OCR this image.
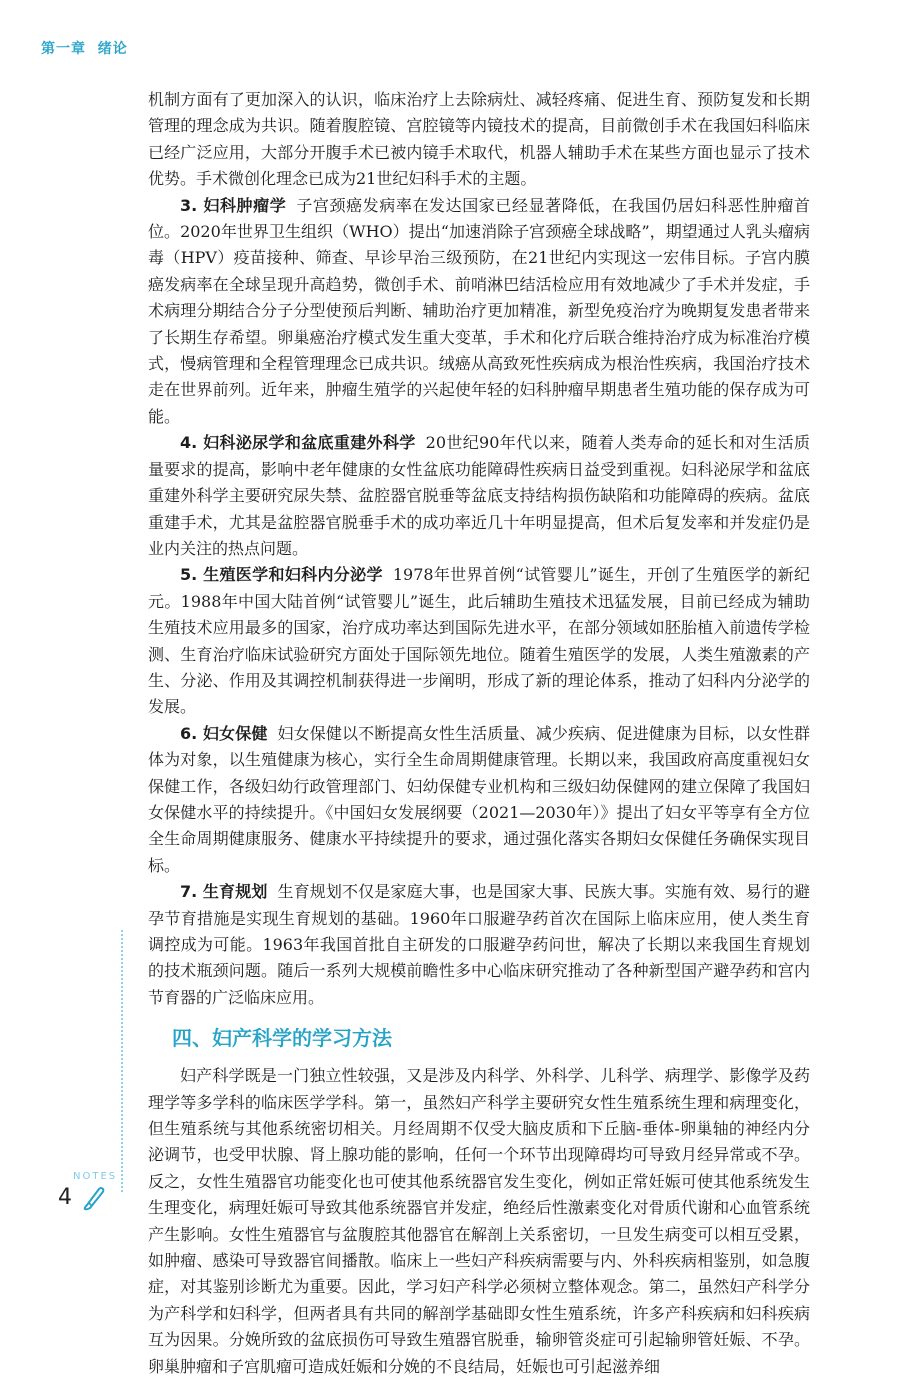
第一章 绪论

机制方面有了更加深入的认识，临床治疗上去除病灶、减轻疼痛、促进生育、预防复发和长期管理的理念成为共识。随着腹腔镜、宫腔镜等内镜技术的提高，目前微创手术在我国妇科临床已经广泛应用，大部分开腹手术已被内镜手术取代，机器人辅助手术在某些方面也显示了技术优势。手术微创化理念已成为21世纪妇科手术的主题。

3. 妇科肿瘤学 子宫颈癌发病率在发达国家已经显著降低，在我国仍居妇科恶性肿瘤首位。2020年世界卫生组织（WHO）提出“加速消除子宫颈癌全球战略”，期望通过人乳头瘤病毒（HPV）疫苗接种、筛查、早诊早治三级预防，在21世纪内实现这一宏伟目标。子宫内膜癌发病率在全球呈现升高趋势，微创手术、前哨淋巴结活检应用有效地减少了手术并发症，手术病理分期结合分子分型使预后判断、辅助治疗更加精准，新型免疫治疗为晚期复发患者带来了长期生存希望。卵巢癌治疗模式发生重大变革，手术和化疗后联合维持治疗成为标准治疗模式，慢病管理和全程管理理念已成共识。绒癌从高致死性疾病成为根治性疾病，我国治疗技术走在世界前列。近年来，肿瘤生殖学的兴起使年轻的妇科肿瘤早期患者生殖功能的保存成为可能。

4. 妇科泌尿学和盆底重建外科学 20世纪90年代以来，随着人类寿命的延长和对生活质量要求的提高，影响中老年健康的女性盆底功能障碍性疾病日益受到重视。妇科泌尿学和盆底重建外科学主要研究尿失禁、盆腔器官脱垂等盆底支持结构损伤缺陷和功能障碍的疾病。盆底重建手术，尤其是盆腔器官脱垂手术的成功率近几十年明显提高，但术后复发率和并发症仍是业内关注的热点问题。

5. 生殖医学和妇科内分泌学 1978年世界首例“试管婴儿”诞生，开创了生殖医学的新纪元。1988年中国大陆首例“试管婴儿”诞生，此后辅助生殖技术迅猛发展，目前已经成为辅助生殖技术应用最多的国家，治疗成功率达到国际先进水平，在部分领域如胚胎植入前遗传学检测、生育治疗临床试验研究方面处于国际领先地位。随着生殖医学的发展，人类生殖激素的产生、分泌、作用及其调控机制获得进一步阐明，形成了新的理论体系，推动了妇科内分泌学的发展。

6. 妇女保健 妇女保健以不断提高女性生活质量、减少疾病、促进健康为目标，以女性群体为对象，以生殖健康为核心，实行全生命周期健康管理。长期以来，我国政府高度重视妇女保健工作，各级妇幼行政管理部门、妇幼保健专业机构和三级妇幼保健网的建立保障了我国妇女保健水平的持续提升。《中国妇女发展纲要（2021—2030年）》提出了妇女平等享有全方位全生命周期健康服务、健康水平持续提升的要求，通过强化落实各期妇女保健任务确保实现目标。

7. 生育规划 生育规划不仅是家庭大事，也是国家大事、民族大事。实施有效、易行的避孕节育措施是实现生育规划的基础。1960年口服避孕药首次在国际上临床应用，使人类生育调控成为可能。1963年我国首批自主研发的口服避孕药问世，解决了长期以来我国生育规划的技术瓶颈问题。随后一系列大规模前瞻性多中心临床研究推动了各种新型国产避孕药和宫内节育器的广泛临床应用。

四、妇产科学的学习方法

妇产科学既是一门独立性较强，又是涉及内科学、外科学、儿科学、病理学、影像学及药理学等多学科的临床医学学科。第一，虽然妇产科学主要研究女性生殖系统生理和病理变化，但生殖系统与其他系统密切相关。月经周期不仅受大脑皮质和下丘脑-垂体-卵巢轴的神经内分泌调节，也受甲状腺、肾上腺功能的影响，任何一个环节出现障碍均可导致月经异常或不孕。反之，女性生殖器官功能变化也可使其他系统器官发生变化，例如正常妊娠可使其他系统发生生理变化，病理妊娠可导致其他系统器官并发症，绝经后性激素变化对骨质代谢和心血管系统产生影响。女性生殖器官与盆腹腔其他器官在解剖上关系密切，一旦发生病变可以相互受累，如肿瘤、感染可导致器官间播散。临床上一些妇产科疾病需要与内、外科疾病相鉴别，如急腹症，对其鉴别诊断尤为重要。因此，学习妇产科学必须树立整体观念。第二，虽然妇产科学分为产科学和妇科学，但两者具有共同的解剖学基础即女性生殖系统，许多产科疾病和妇科疾病互为因果。分娩所致的盆底损伤可导致生殖器官脱垂，输卵管炎症可引起输卵管妊娠、不孕。卵巢肿瘤和子宫肌瘤可造成妊娠和分娩的不良结局，妊娠也可引起滋养细

NOTES
4
